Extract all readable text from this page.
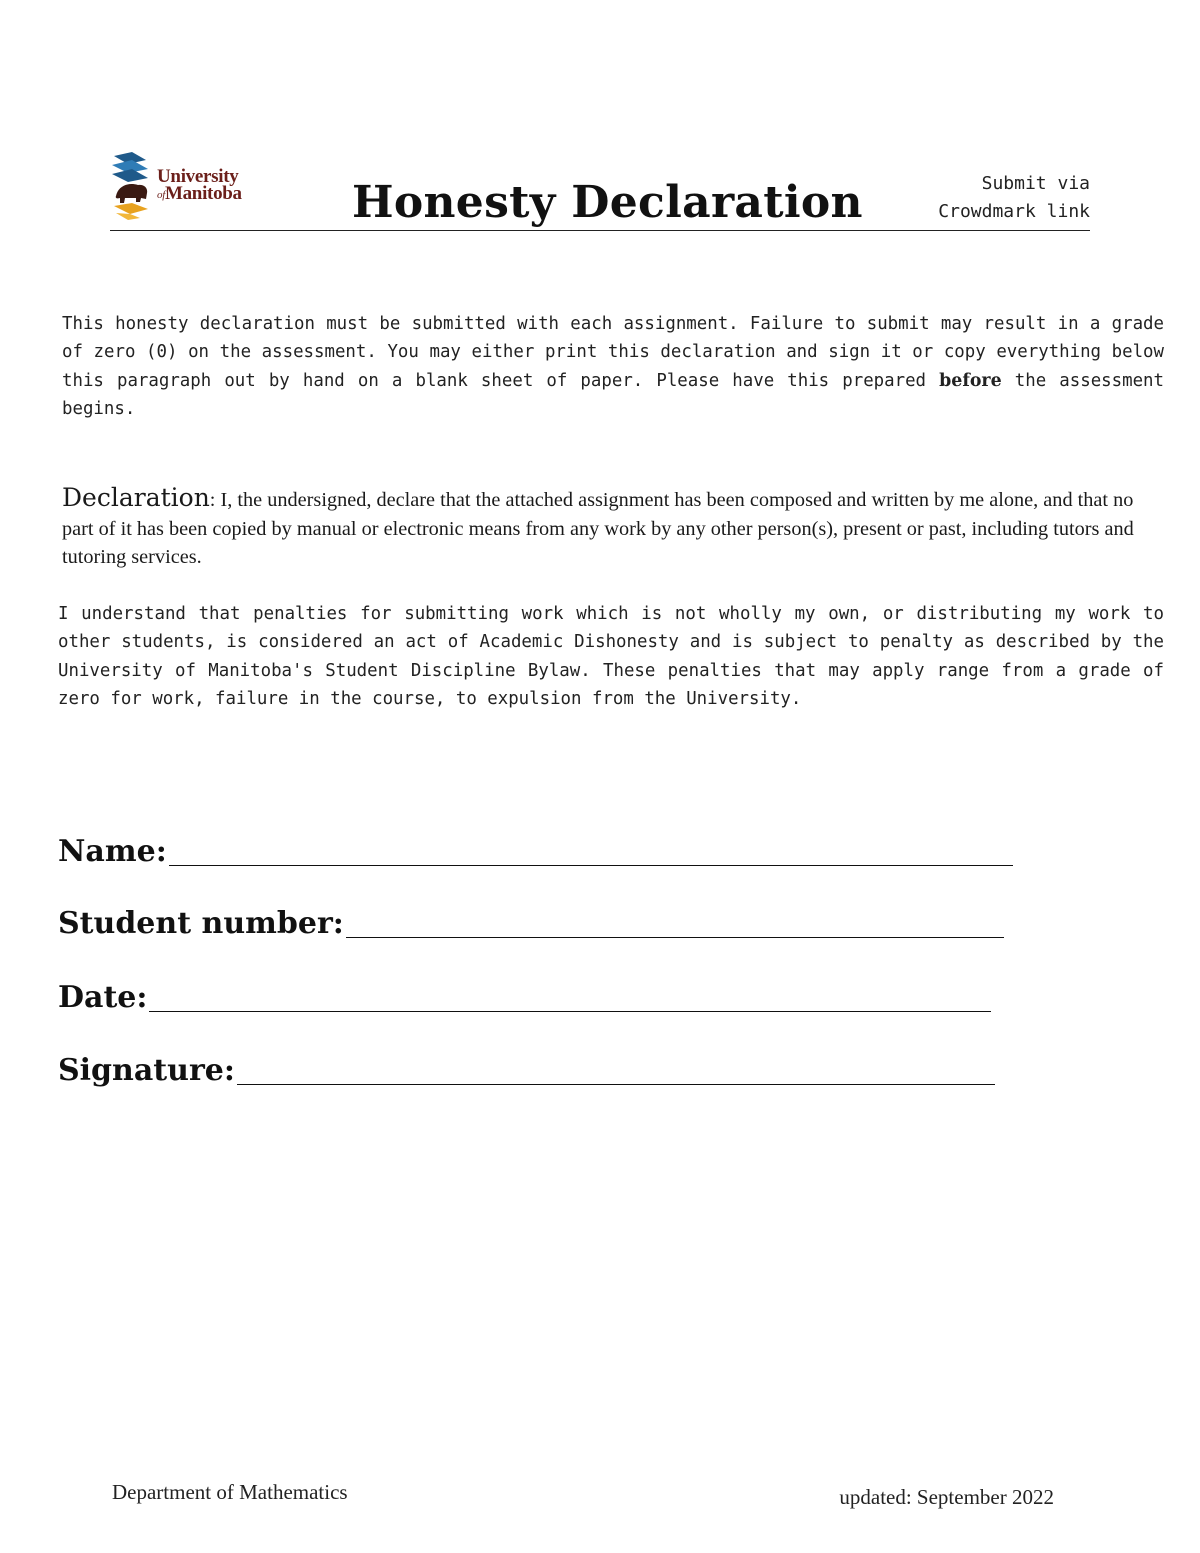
University
ofManitoba	Honesty Declaration	Submit via
Crowdmark link

This honesty declaration must be submitted with each assignment. Failure to submit may result in a grade of zero (0) on the assessment. You may either print this declaration and sign it or copy everything below this paragraph out by hand on a blank sheet of paper. Please have this prepared before the assessment begins.

Declaration: I, the undersigned, declare that the attached assignment has been composed and written by me alone, and that no part of it has been copied by manual or electronic means from any work by any other person(s), present or past, including tutors and tutoring services.

I understand that penalties for submitting work which is not wholly my own, or distributing my work to other students, is considered an act of Academic Dishonesty and is subject to penalty as described by the University of Manitoba's Student Discipline Bylaw. These penalties that may apply range from a grade of zero for work, failure in the course, to expulsion from the University.

Name:
Student number:
Date:
Signature:
Department of Mathematics	updated: September 2022
